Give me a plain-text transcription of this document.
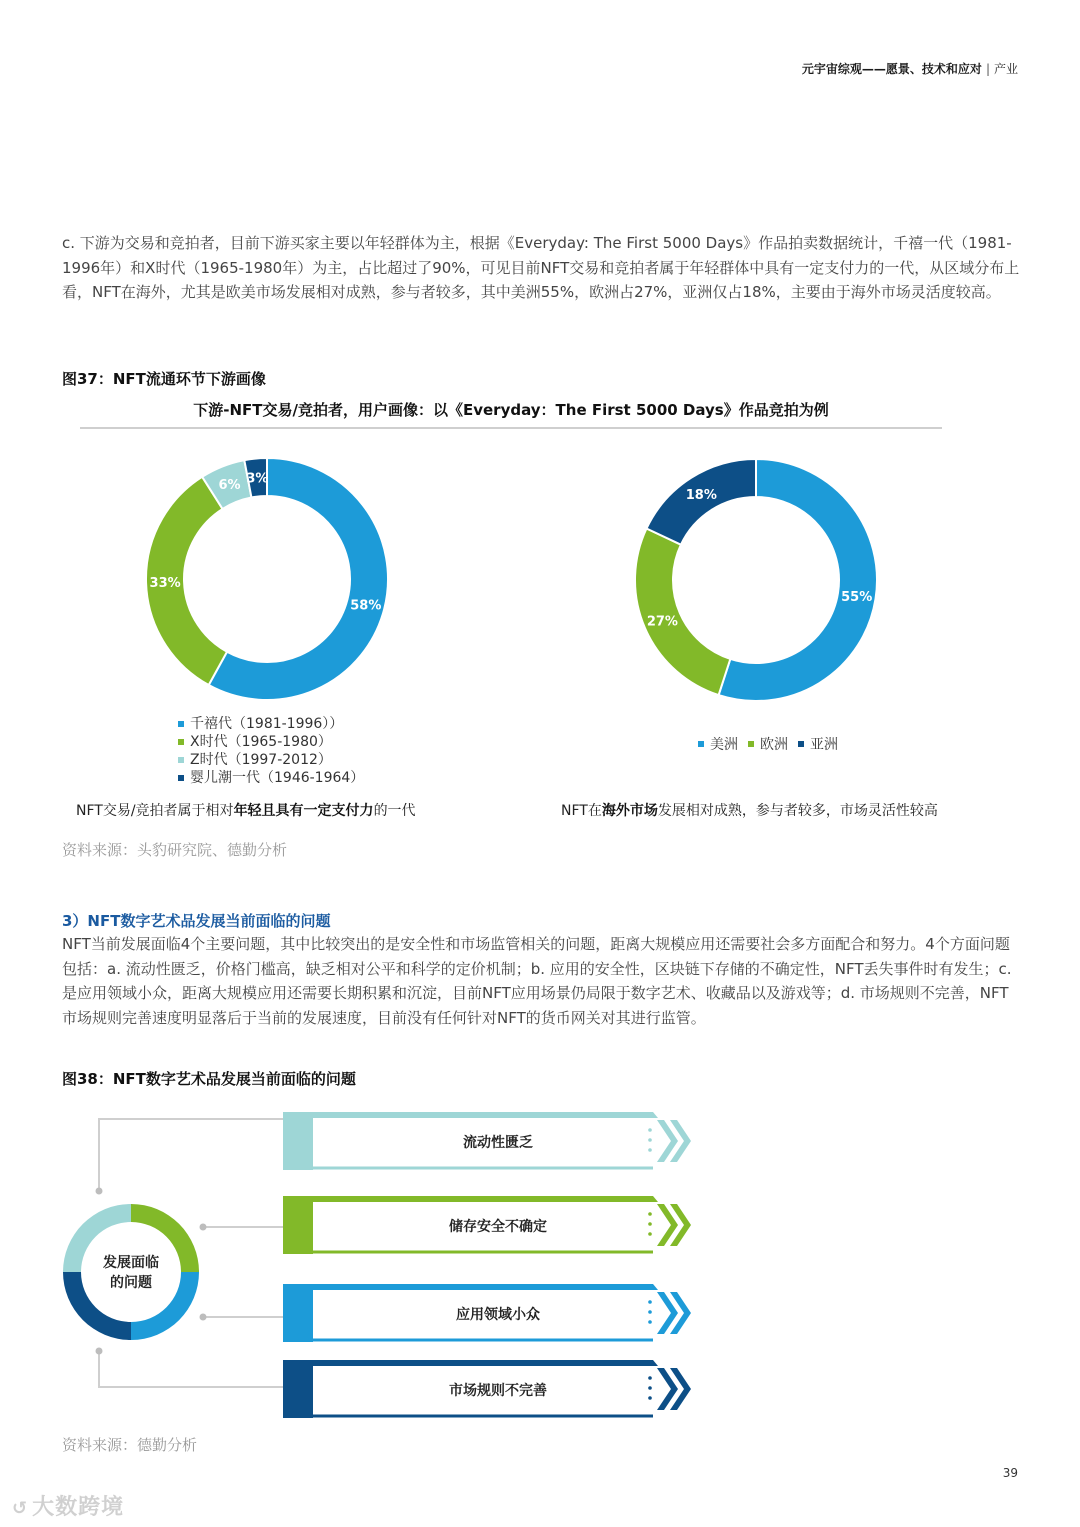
元宇宙综观——愿景、技术和应对 | 产业
c. 下游为交易和竞拍者，目前下游买家主要以年轻群体为主，根据《Everyday: The First 5000 Days》作品拍卖数据统计，千禧一代（1981-1996年）和X时代（1965-1980年）为主，占比超过了90%，可见目前NFT交易和竞拍者属于年轻群体中具有一定支付力的一代，从区域分布上看，NFT在海外，尤其是欧美市场发展相对成熟，参与者较多，其中美洲55%，欧洲占27%，亚洲仅占18%，主要由于海外市场灵活度较高。
图37：NFT流通环节下游画像
下游-NFT交易/竞拍者，用户画像：以《Everyday：The First 5000 Days》作品竞拍为例
58%
33%
6% 3%
55%
27%
18%
千禧代（1981-1996））
X时代（1965-1980）
Z时代（1997-2012）
婴儿潮一代（1946-1964）
美洲 欧洲 亚洲
NFT交易/竞拍者属于相对年轻且具有一定支付力的一代	NFT在海外市场发展相对成熟，参与者较多，市场灵活性较高
资料来源：头豹研究院、德勤分析
3）NFT数字艺术品发展当前面临的问题
NFT当前发展面临4个主要问题，其中比较突出的是安全性和市场监管相关的问题，距离大规模应用还需要社会多方面配合和努力。4个方面问题包括：a. 流动性匮乏，价格门槛高，缺乏相对公平和科学的定价机制；b. 应用的安全性，区块链下存储的不确定性，NFT丢失事件时有发生；c. 是应用领域小众，距离大规模应用还需要长期积累和沉淀，目前NFT应用场景仍局限于数字艺术、收藏品以及游戏等；d. 市场规则不完善，NFT市场规则完善速度明显落后于当前的发展速度，目前没有任何针对NFT的货币网关对其进行监管。
图38：NFT数字艺术品发展当前面临的问题
发展面临
的问题
流动性匮乏
储存安全不确定
应用领域小众
市场规则不完善
资料来源：德勤分析
39
↺ 大数跨境
